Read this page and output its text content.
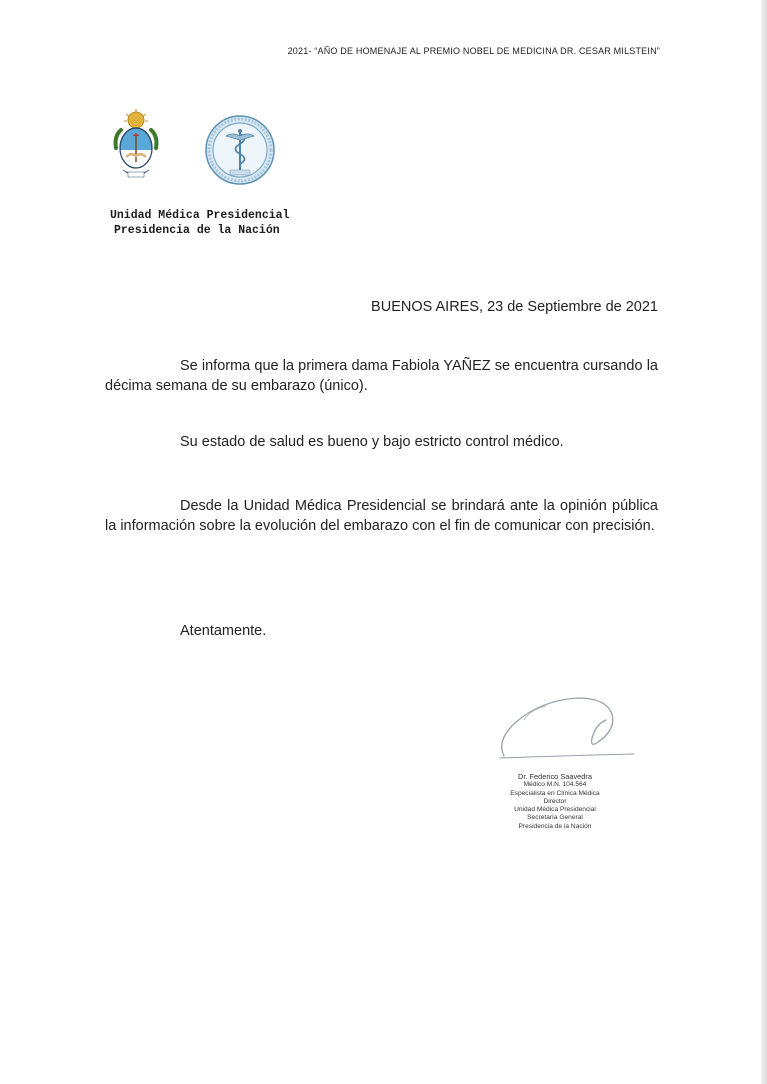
2021- “AÑO DE HOMENAJE AL PREMIO NOBEL DE MEDICINA DR. CESAR MILSTEIN”
Unidad Médica Presidencial
Presidencia de la Nación
BUENOS AIRES, 23 de Septiembre de 2021
Se informa que la primera dama Fabiola YAÑEZ se encuentra cursando la décima semana de su embarazo (único).
Su estado de salud es bueno y bajo estricto control médico.
Desde la Unidad Médica Presidencial se brindará ante la opinión pública la información sobre la evolución del embarazo con el fin de comunicar con precisión.
Atentamente.
Dr. Federico Saavedra
Médico M.N. 104.564
Especialista en Clínica Médica
Director
Unidad Médica Presidencial
Secretaría General
Presidencia de la Nación
